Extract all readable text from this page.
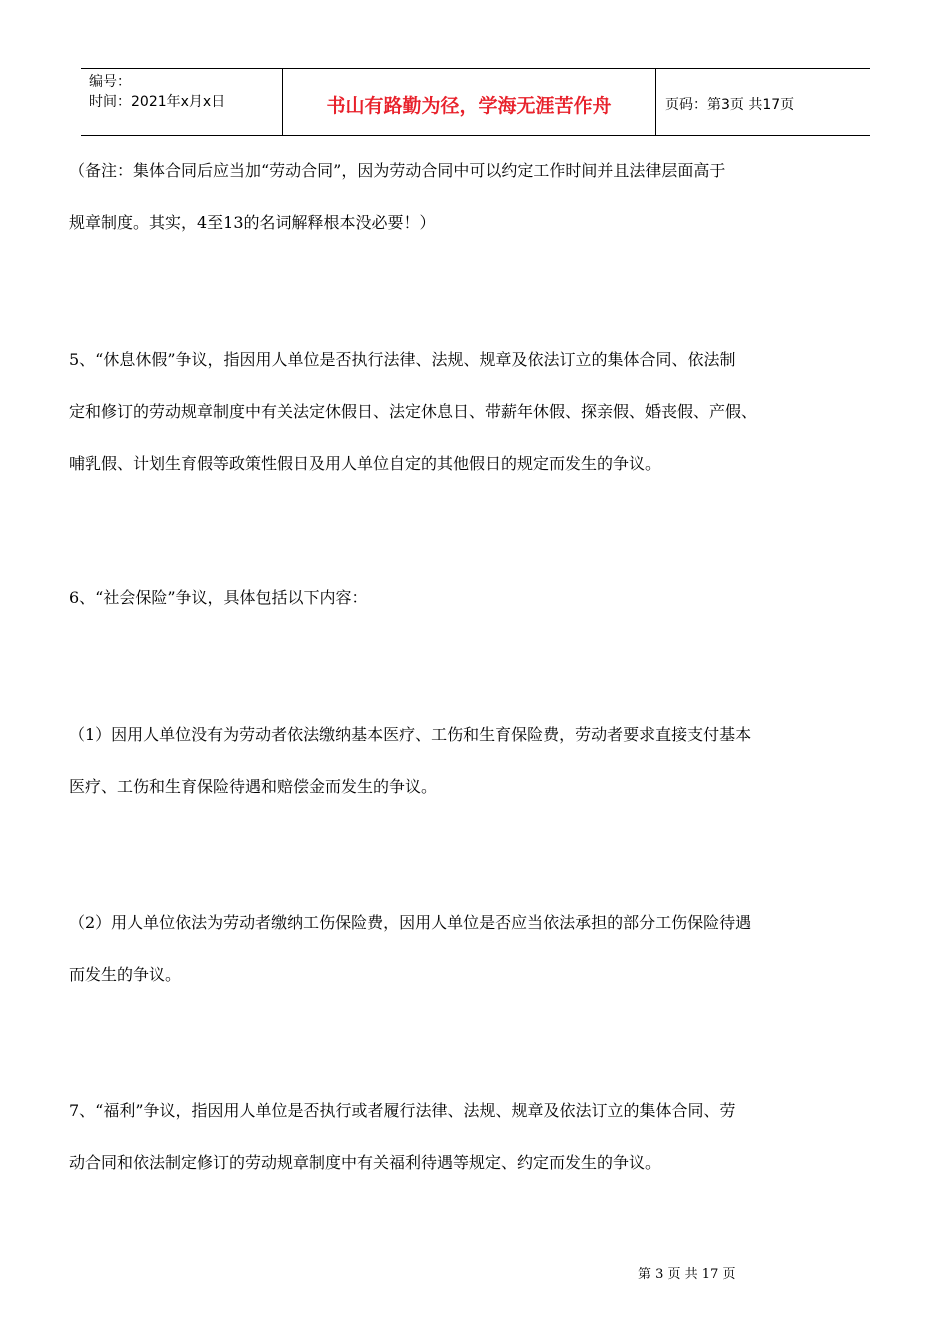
编号：
时间：2021年x月x日	书山有路勤为径，学海无涯苦作舟	页码：第3页 共17页

（备注：集体合同后应当加“劳动合同”，因为劳动合同中可以约定工作时间并且法律层面高于
规章制度。其实，4至13的名词解释根本没必要！）

5、“休息休假”争议，指因用人单位是否执行法律、法规、规章及依法订立的集体合同、依法制
定和修订的劳动规章制度中有关法定休假日、法定休息日、带薪年休假、探亲假、婚丧假、产假、
哺乳假、计划生育假等政策性假日及用人单位自定的其他假日的规定而发生的争议。

6、“社会保险”争议，具体包括以下内容：

（1）因用人单位没有为劳动者依法缴纳基本医疗、工伤和生育保险费，劳动者要求直接支付基本
医疗、工伤和生育保险待遇和赔偿金而发生的争议。

（2）用人单位依法为劳动者缴纳工伤保险费，因用人单位是否应当依法承担的部分工伤保险待遇
而发生的争议。

7、“福利”争议，指因用人单位是否执行或者履行法律、法规、规章及依法订立的集体合同、劳
动合同和依法制定修订的劳动规章制度中有关福利待遇等规定、约定而发生的争议。

第 3 页 共 17 页
